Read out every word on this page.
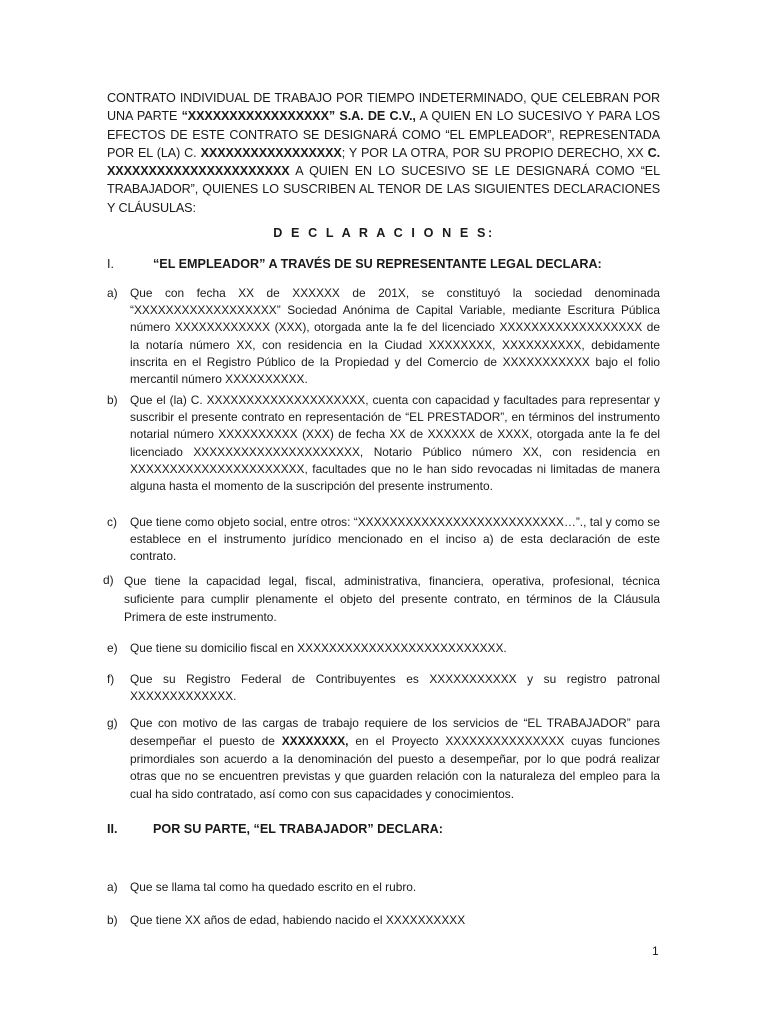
CONTRATO INDIVIDUAL DE TRABAJO POR TIEMPO INDETERMINADO, QUE CELEBRAN POR UNA PARTE “XXXXXXXXXXXXXXXXX” S.A. DE C.V., A QUIEN EN LO SUCESIVO Y PARA LOS EFECTOS DE ESTE CONTRATO SE DESIGNARÁ COMO “EL EMPLEADOR”, REPRESENTADA POR EL (LA) C. XXXXXXXXXXXXXXXXX; Y POR LA OTRA, POR SU PROPIO DERECHO, XX C. XXXXXXXXXXXXXXXXXXXXXX A QUIEN EN LO SUCESIVO SE LE DESIGNARÁ COMO “EL TRABAJADOR”, QUIENES LO SUSCRIBEN AL TENOR DE LAS SIGUIENTES DECLARACIONES Y CLÁUSULAS:
D E C L A R A C I O N E S:
I.	“EL EMPLEADOR” A TRAVÉS DE SU REPRESENTANTE LEGAL DECLARA:
a)	Que con fecha XX de XXXXXX de 201X, se constituyó la sociedad denominada “XXXXXXXXXXXXXXXXXX” Sociedad Anónima de Capital Variable, mediante Escritura Pública número XXXXXXXXXXXX (XXX), otorgada ante la fe del licenciado XXXXXXXXXXXXXXXXXX de la notaría número XX, con residencia en la Ciudad XXXXXXXX, XXXXXXXXXX, debidamente inscrita en el Registro Público de la Propiedad y del Comercio de XXXXXXXXXXX bajo el folio mercantil número XXXXXXXXXX.
b)	Que el (la) C. XXXXXXXXXXXXXXXXXXXX, cuenta con capacidad y facultades para representar y suscribir el presente contrato en representación de “EL PRESTADOR”, en términos del instrumento notarial número XXXXXXXXXX (XXX) de fecha XX de XXXXXX de XXXX, otorgada ante la fe del licenciado XXXXXXXXXXXXXXXXXXXXX, Notario Público número XX, con residencia en XXXXXXXXXXXXXXXXXXXXXX, facultades que no le han sido revocadas ni limitadas de manera alguna hasta el momento de la suscripción del presente instrumento.
c)	Que tiene como objeto social, entre otros: “XXXXXXXXXXXXXXXXXXXXXXXXXX…”., tal y como se establece en el instrumento jurídico mencionado en el inciso a) de esta declaración de este contrato.
d) Que tiene la capacidad legal, fiscal, administrativa, financiera, operativa, profesional, técnica suficiente para cumplir plenamente el objeto del presente contrato, en términos de la Cláusula Primera de este instrumento.
e)	Que tiene su domicilio fiscal en XXXXXXXXXXXXXXXXXXXXXXXXXX.
f)	Que su Registro Federal de Contribuyentes es XXXXXXXXXXX y su registro patronal XXXXXXXXXXXXX.
g)	Que con motivo de las cargas de trabajo requiere de los servicios de “EL TRABAJADOR” para desempeñar el puesto de XXXXXXXX, en el Proyecto XXXXXXXXXXXXXXX cuyas funciones primordiales son acuerdo a la denominación del puesto a desempeñar, por lo que podrá realizar otras que no se encuentren previstas y que guarden relación con la naturaleza del empleo para la cual ha sido contratado, así como con sus capacidades y conocimientos.
II.	POR SU PARTE, “EL TRABAJADOR” DECLARA:
a)	Que se llama tal como ha quedado escrito en el rubro.
b)	Que tiene XX años de edad, habiendo nacido el XXXXXXXXXX
1
